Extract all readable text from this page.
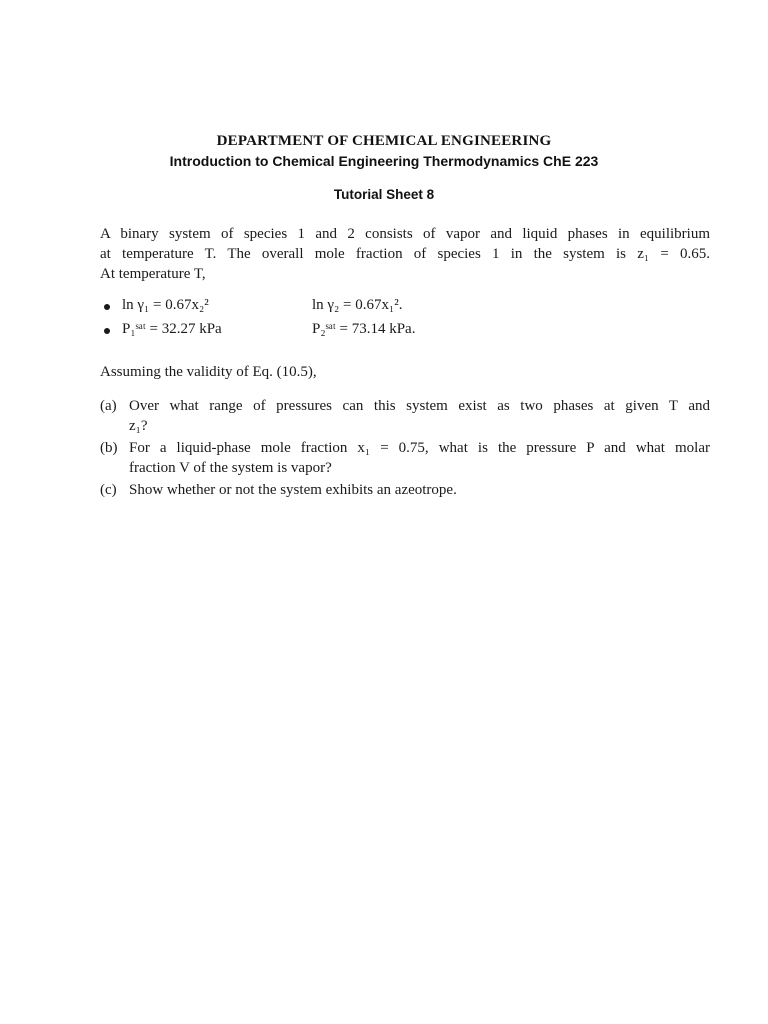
DEPARTMENT OF CHEMICAL ENGINEERING
Introduction to Chemical Engineering Thermodynamics ChE 223
Tutorial Sheet 8
A binary system of species 1 and 2 consists of vapor and liquid phases in equilibrium
at temperature T. The overall mole fraction of species 1 in the system is z₁ = 0.65.
At temperature T,
ln γ₁ = 0.67x₂²	ln γ₂ = 0.67x₁².
P₁ˢᵃᵗ = 32.27 kPa	P₂ˢᵃᵗ = 73.14 kPa.
Assuming the validity of Eq. (10.5),
(a) Over what range of pressures can this system exist as two phases at given T and
z₁?
(b) For a liquid-phase mole fraction x₁ = 0.75, what is the pressure P and what molar
fraction V of the system is vapor?
(c) Show whether or not the system exhibits an azeotrope.
